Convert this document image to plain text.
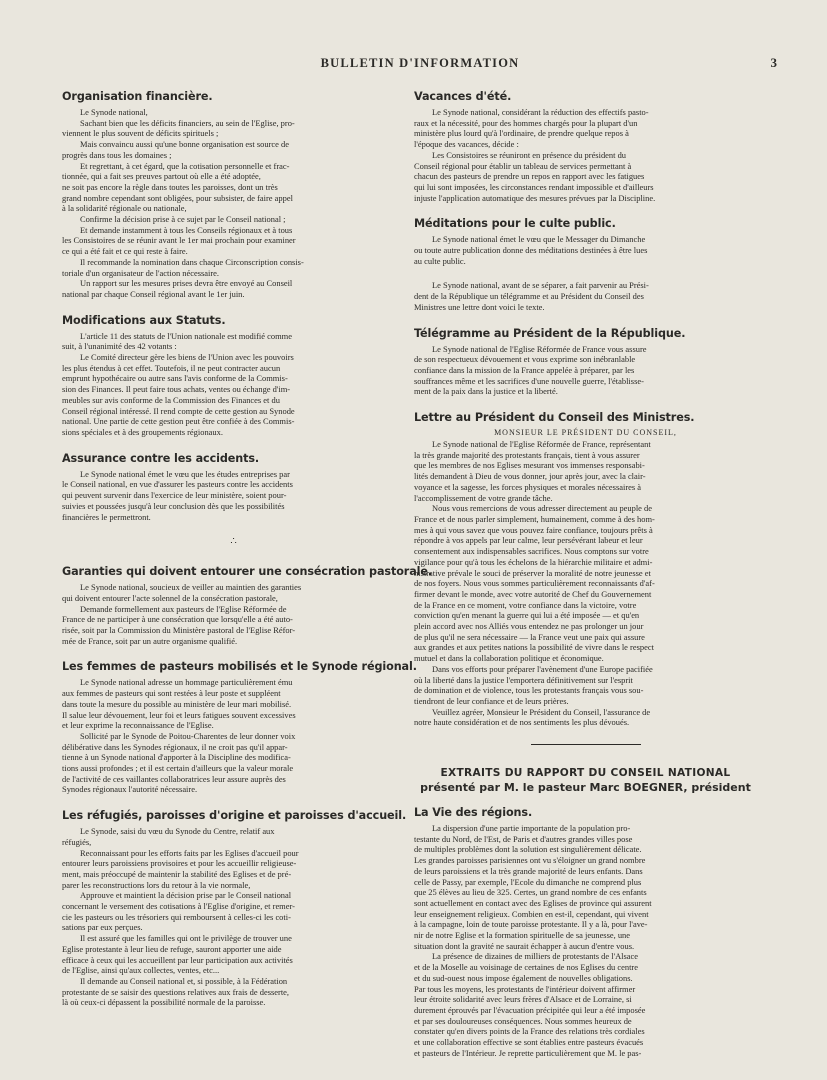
BULLETIN D'INFORMATION	3
Organisation financière.
Le Synode national,
Sachant bien que les déficits financiers, au sein de l'Eglise, pro-
viennent le plus souvent de déficits spirituels ;
Mais convaincu aussi qu'une bonne organisation est source de
progrès dans tous les domaines ;
Et regrettant, à cet égard, que la cotisation personnelle et frac-
tionnée, qui a fait ses preuves partout où elle a été adoptée,
ne soit pas encore la règle dans toutes les paroisses, dont un très
grand nombre cependant sont obligées, pour subsister, de faire appel
à la solidarité régionale ou nationale,
Confirme la décision prise à ce sujet par le Conseil national ;
Et demande instamment à tous les Conseils régionaux et à tous
les Consistoires de se réunir avant le 1er mai prochain pour examiner
ce qui a été fait et ce qui reste à faire.
Il recommande la nomination dans chaque Circonscription consis-
toriale d'un organisateur de l'action nécessaire.
Un rapport sur les mesures prises devra être envoyé au Conseil
national par chaque Conseil régional avant le 1er juin.
Modifications aux Statuts.
L'article 11 des statuts de l'Union nationale est modifié comme
suit, à l'unanimité des 42 votants :
Le Comité directeur gère les biens de l'Union avec les pouvoirs
les plus étendus à cet effet. Toutefois, il ne peut contracter aucun
emprunt hypothécaire ou autre sans l'avis conforme de la Commis-
sion des Finances. Il peut faire tous achats, ventes ou échange d'im-
meubles sur avis conforme de la Commission des Finances et du
Conseil régional intéressé. Il rend compte de cette gestion au Synode
national. Une partie de cette gestion peut être confiée à des Commis-
sions spéciales et à des groupements régionaux.
Assurance contre les accidents.
Le Synode national émet le vœu que les études entreprises par
le Conseil national, en vue d'assurer les pasteurs contre les accidents
qui peuvent survenir dans l'exercice de leur ministère, soient pour-
suivies et poussées jusqu'à leur conclusion dès que les possibilités
financières le permettront.
∴
Garanties qui doivent entourer une consécration pastorale.
Le Synode national, soucieux de veiller au maintien des garanties
qui doivent entourer l'acte solennel de la consécration pastorale,
Demande formellement aux pasteurs de l'Eglise Réformée de
France de ne participer à une consécration que lorsqu'elle a été auto-
risée, soit par la Commission du Ministère pastoral de l'Eglise Réfor-
mée de France, soit par un autre organisme qualifié.
Les femmes de pasteurs mobilisés et le Synode régional.
Le Synode national adresse un hommage particulièrement ému
aux femmes de pasteurs qui sont restées à leur poste et suppléent
dans toute la mesure du possible au ministère de leur mari mobilisé.
Il salue leur dévouement, leur foi et leurs fatigues souvent excessives
et leur exprime la reconnaissance de l'Eglise.
Sollicité par le Synode de Poitou-Charentes de leur donner voix
délibérative dans les Synodes régionaux, il ne croit pas qu'il appar-
tienne à un Synode national d'apporter à la Discipline des modifica-
tions aussi profondes ; et il est certain d'ailleurs que la valeur morale
de l'activité de ces vaillantes collaboratrices leur assure auprès des
Synodes régionaux l'autorité nécessaire.
Les réfugiés, paroisses d'origine et paroisses d'accueil.
Le Synode, saisi du vœu du Synode du Centre, relatif aux
réfugiés,
Reconnaissant pour les efforts faits par les Eglises d'accueil pour
entourer leurs paroissiens provisoires et pour les accueillir religieuse-
ment, mais préoccupé de maintenir la stabilité des Eglises et de pré-
parer les reconstructions lors du retour à la vie normale,
Approuve et maintient la décision prise par le Conseil national
concernant le versement des cotisations à l'Eglise d'origine, et remer-
cie les pasteurs ou les trésoriers qui remboursent à celles-ci les coti-
sations par eux perçues.
Il est assuré que les familles qui ont le privilège de trouver une
Eglise protestante à leur lieu de refuge, sauront apporter une aide
efficace à ceux qui les accueillent par leur participation aux activités
de l'Eglise, ainsi qu'aux collectes, ventes, etc...
Il demande au Conseil national et, si possible, à la Fédération
protestante de se saisir des questions relatives aux frais de desserte,
là où ceux-ci dépassent la possibilité normale de la paroisse.
Vacances d'été.
Le Synode national, considérant la réduction des effectifs pasto-
raux et la nécessité, pour des hommes chargés pour la plupart d'un
ministère plus lourd qu'à l'ordinaire, de prendre quelque repos à
l'époque des vacances, décide :
Les Consistoires se réuniront en présence du président du
Conseil régional pour établir un tableau de services permettant à
chacun des pasteurs de prendre un repos en rapport avec les fatigues
qui lui sont imposées, les circonstances rendant impossible et d'ailleurs
injuste l'application automatique des mesures prévues par la Discipline.
Méditations pour le culte public.
Le Synode national émet le vœu que le Messager du Dimanche
ou toute autre publication donne des méditations destinées à être lues
au culte public.
Le Synode national, avant de se séparer, a fait parvenir au Prési-
dent de la République un télégramme et au Président du Conseil des
Ministres une lettre dont voici le texte.
Télégramme au Président de la République.
Le Synode national de l'Eglise Réformée de France vous assure
de son respectueux dévouement et vous exprime son inébranlable
confiance dans la mission de la France appelée à préparer, par les
souffrances même et les sacrifices d'une nouvelle guerre, l'établisse-
ment de la paix dans la justice et la liberté.
Lettre au Président du Conseil des Ministres.
MONSIEUR LE PRÉSIDENT DU CONSEIL,
Le Synode national de l'Eglise Réformée de France, représentant
la très grande majorité des protestants français, tient à vous assurer
que les membres de nos Eglises mesurant vos immenses responsabi-
lités demandent à Dieu de vous donner, jour après jour, avec la clair-
voyance et la sagesse, les forces physiques et morales nécessaires à
l'accomplissement de votre grande tâche.
Nous vous remercions de vous adresser directement au peuple de
France et de nous parler simplement, humainement, comme à des hom-
mes à qui vous savez que vous pouvez faire confiance, toujours prêts à
répondre à vos appels par leur calme, leur persévérant labeur et leur
consentement aux indispensables sacrifices. Nous comptons sur votre
vigilance pour qu'à tous les échelons de la hiérarchie militaire et admi-
nistrative prévale le souci de préserver la moralité de notre jeunesse et
de nos foyers. Nous vous sommes particulièrement reconnaissants d'af-
firmer devant le monde, avec votre autorité de Chef du Gouvernement
de la France en ce moment, votre confiance dans la victoire, votre
conviction qu'en menant la guerre qui lui a été imposée — et qu'en
plein accord avec nos Alliés vous entendez ne pas prolonger un jour
de plus qu'il ne sera nécessaire — la France veut une paix qui assure
aux grandes et aux petites nations la possibilité de vivre dans le respect
mutuel et dans la collaboration politique et économique.
Dans vos efforts pour préparer l'avènement d'une Europe pacifiée
où la liberté dans la justice l'emportera définitivement sur l'esprit
de domination et de violence, tous les protestants français vous sou-
tiendront de leur confiance et de leurs prières.
Veuillez agréer, Monsieur le Président du Conseil, l'assurance de
notre haute considération et de nos sentiments les plus dévoués.
EXTRAITS DU RAPPORT DU CONSEIL NATIONAL
présenté par M. le pasteur Marc BOEGNER, président
La Vie des régions.
La dispersion d'une partie importante de la population pro-
testante du Nord, de l'Est, de Paris et d'autres grandes villes pose
de multiples problèmes dont la solution est singulièrement délicate.
Les grandes paroisses parisiennes ont vu s'éloigner un grand nombre
de leurs paroissiens et la très grande majorité de leurs enfants. Dans
celle de Passy, par exemple, l'Ecole du dimanche ne comprend plus
que 25 élèves au lieu de 325. Certes, un grand nombre de ces enfants
sont actuellement en contact avec des Eglises de province qui assurent
leur enseignement religieux. Combien en est-il, cependant, qui vivent
à la campagne, loin de toute paroisse protestante. Il y a là, pour l'ave-
nir de notre Eglise et la formation spirituelle de sa jeunesse, une
situation dont la gravité ne saurait échapper à aucun d'entre vous.
La présence de dizaines de milliers de protestants de l'Alsace
et de la Moselle au voisinage de certaines de nos Eglises du centre
et du sud-ouest nous impose également de nouvelles obligations.
Par tous les moyens, les protestants de l'intérieur doivent affirmer
leur étroite solidarité avec leurs frères d'Alsace et de Lorraine, si
durement éprouvés par l'évacuation précipitée qui leur a été imposée
et par ses douloureuses conséquences. Nous sommes heureux de
constater qu'en divers points de la France des relations très cordiales
et une collaboration effective se sont établies entre pasteurs évacués
et pasteurs de l'Intérieur. Je reprette particulièrement que M. le pas-
